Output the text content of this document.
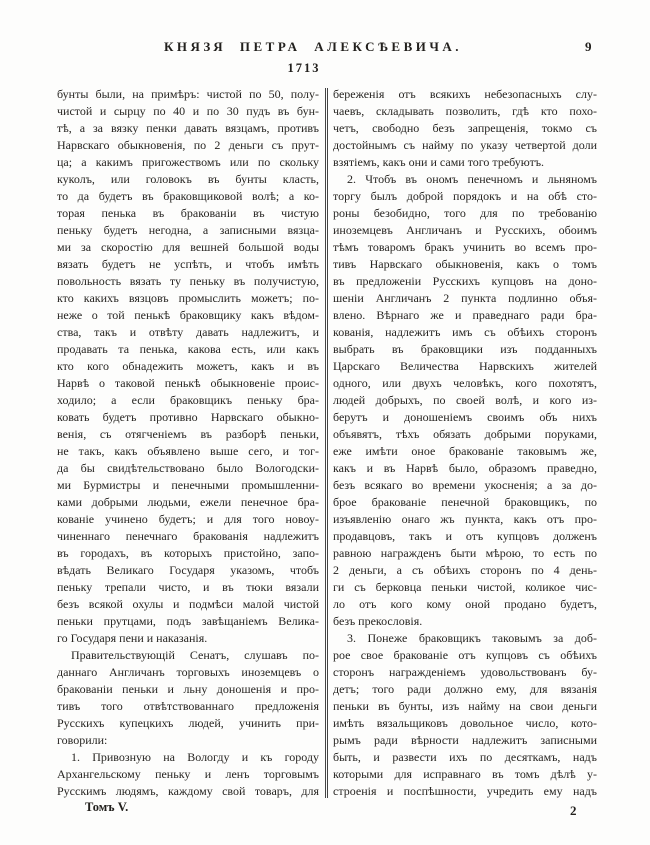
КНЯЗЯ ПЕТРА АЛЕКСѢЕВИЧА.	9
1713
бунты были, на примѣръ: чистой по 50, полу-
чистой и сырцу по 40 и по 30 пудъ въ бун-
тѣ, а за вязку пенки давать вязцамъ, противъ
Нарвскаго обыкновенія, по 2 деньги съ прут-
ца; а какимъ пригожествомъ или по скольку
куколъ, или головокъ въ бунты класть,
то да будетъ въ браковщиковой волѣ; а ко-
торая пенька въ бракованіи въ чистую
пеньку будетъ негодна, а записными вязца-
ми за скоростію для вешней большой воды
вязать будетъ не успѣть, и чтобъ имѣть
повольность вязать ту пеньку въ получистую,
кто какихъ вязцовъ промыслить можетъ; по-
неже о той пенькѣ браковщику какъ вѣдом-
ства, такъ и отвѣту давать надлежитъ, и
продавать та пенька, какова есть, или какъ
кто кого обнадежить можетъ, какъ и въ
Нарвѣ о таковой пенькѣ обыкновеніе проис-
ходило; а если браковщикъ пеньку бра-
ковать будетъ противно Нарвскаго обыкно-
венія, съ отягченіемъ въ разборѣ пеньки,
не такъ, какъ объявлено выше сего, и тог-
да бы свидѣтельствовано было Вологодски-
ми Бурмистры и пенечными промышленни-
ками добрыми людьми, ежели пенечное бра-
кованіе учинено будетъ; и для того новоу-
чиненнаго пенечнаго бракованія надлежитъ
въ городахъ, въ которыхъ пристойно, запо-
вѣдать Великаго Государя указомъ, чтобъ
пеньку трепали чисто, и въ тюки вязали
безъ всякой охулы и подмѣси малой чистой
пеньки прутцами, подъ завѣщаніемъ Велика-
го Государя пени и наказанія.
Правительствующій Сенатъ, слушавъ по-
даннаго Англичанъ торговыхъ иноземцевъ о
бракованіи пеньки и льну доношенія и про-
тивъ того отвѣтствованнаго предложенія
Русскихъ купецкихъ людей, учинить при-
говорили:
1. Привозную на Вологду и къ городу
Архангельскому пеньку и ленъ торговымъ
Русскимъ людямъ, каждому свой товаръ, для
береженія отъ всякихъ небезопасныхъ слу-
чаевъ, складывать позволить, гдѣ кто похо-
четъ, свободно безъ запрещенія, токмо съ
достойнымъ съ найму по указу четвертой доли
взятіемъ, какъ они и сами того требуютъ.
2. Чтобъ въ ономъ пенечномъ и льняномъ
торгу былъ доброй порядокъ и на обѣ сто-
роны безобидно, того для по требованію
иноземцевъ Англичанъ и Русскихъ, обоимъ
тѣмъ товаромъ бракъ учинить во всемъ про-
тивъ Нарвскаго обыкновенія, какъ о томъ
въ предложеніи Русскихъ купцовъ на доно-
шеніи Англичанъ 2 пункта подлинно объя-
влено. Вѣрнаго же и праведнаго ради бра-
кованія, надлежитъ имъ съ обѣихъ сторонъ
выбрать въ браковщики изъ подданныхъ
Царскаго Величества Нарвскихъ жителей
одного, или двухъ человѣкъ, кого похотятъ,
людей добрыхъ, по своей волѣ, и кого из-
берутъ и доношеніемъ своимъ объ нихъ
объявятъ, тѣхъ обязать добрыми поруками,
еже имѣти оное бракованіе таковымъ же,
какъ и въ Нарвѣ было, образомъ праведно,
безъ всякаго во времени укосненія; а за до-
брое бракованіе пенечной браковщикъ, по
изъявленію онаго жъ пункта, какъ отъ про-
продавцовъ, такъ и отъ купцовъ долженъ
равною награжденъ быти мѣрою, то есть по
2 деньги, а съ обѣихъ сторонъ по 4 день-
ги съ берковца пеньки чистой, коликое чис-
ло отъ кого кому оной продано будетъ,
безъ прекословія.
3. Понеже браковщикъ таковымъ за доб-
рое свое бракованіе отъ купцовъ съ обѣихъ
сторонъ награжденіемъ удовольствованъ бу-
детъ; того ради должно ему, для вязанія
пеньки въ бунты, изъ найму на свои деньги
имѣть вязальщиковъ довольное число, кото-
рымъ ради вѣрности надлежитъ записными
быть, и развести ихъ по десяткамъ, надъ
которыми для исправнаго въ томъ дѣлѣ у-
строенія и поспѣшности, учредить ему надъ
Томъ V.	2
